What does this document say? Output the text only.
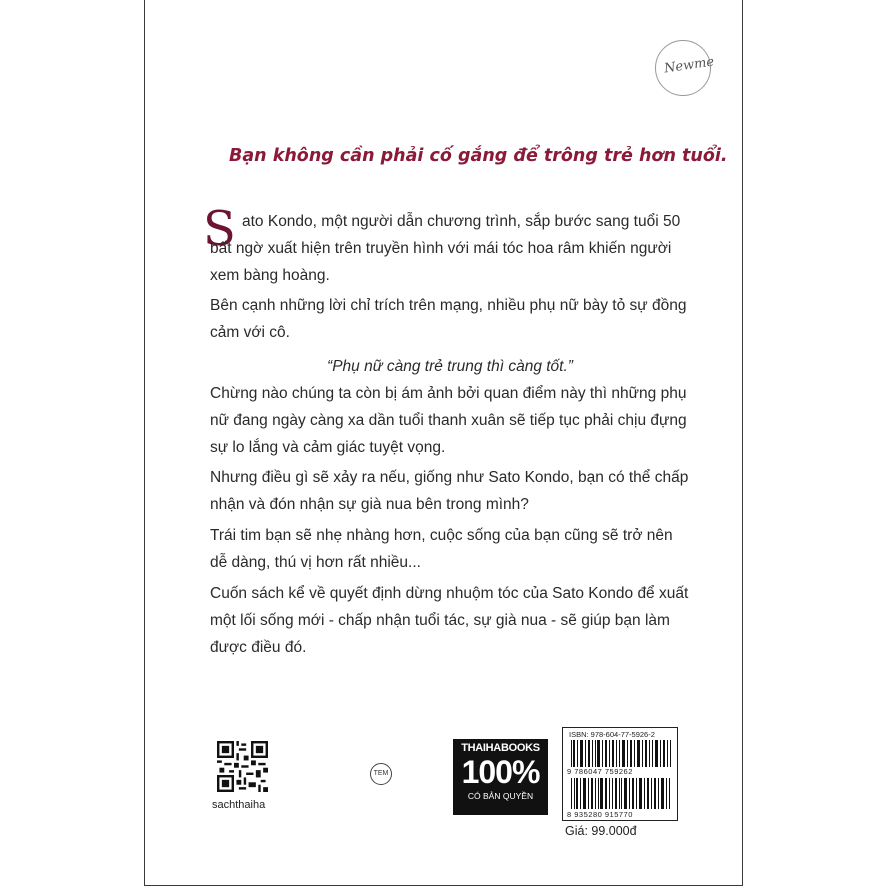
Newme
Bạn không cần phải cố gắng để trông trẻ hơn tuổi.
S ato Kondo, một người dẫn chương trình, sắp bước sang tuổi 50 bất ngờ xuất hiện trên truyền hình với mái tóc hoa râm khiến người xem bàng hoàng.

Bên cạnh những lời chỉ trích trên mạng, nhiều phụ nữ bày tỏ sự đồng cảm với cô.

“Phụ nữ càng trẻ trung thì càng tốt.”

Chừng nào chúng ta còn bị ám ảnh bởi quan điểm này thì những phụ nữ đang ngày càng xa dần tuổi thanh xuân sẽ tiếp tục phải chịu đựng sự lo lắng và cảm giác tuyệt vọng.

Nhưng điều gì sẽ xảy ra nếu, giống như Sato Kondo, bạn có thể chấp nhận và đón nhận sự già nua bên trong mình?

Trái tim bạn sẽ nhẹ nhàng hơn, cuộc sống của bạn cũng sẽ trở nên dễ dàng, thú vị hơn rất nhiều...

Cuốn sách kể về quyết định dừng nhuộm tóc của Sato Kondo để xuất một lối sống mới - chấp nhận tuổi tác, sự già nua - sẽ giúp bạn làm được điều đó.

sachthaiha
TEM
THAIHABOOKS
100%
CÓ BẢN QUYỀN
ISBN: 978-604-77-5926-2
9 786047 759262
8 935280 915770
Giá: 99.000đ
